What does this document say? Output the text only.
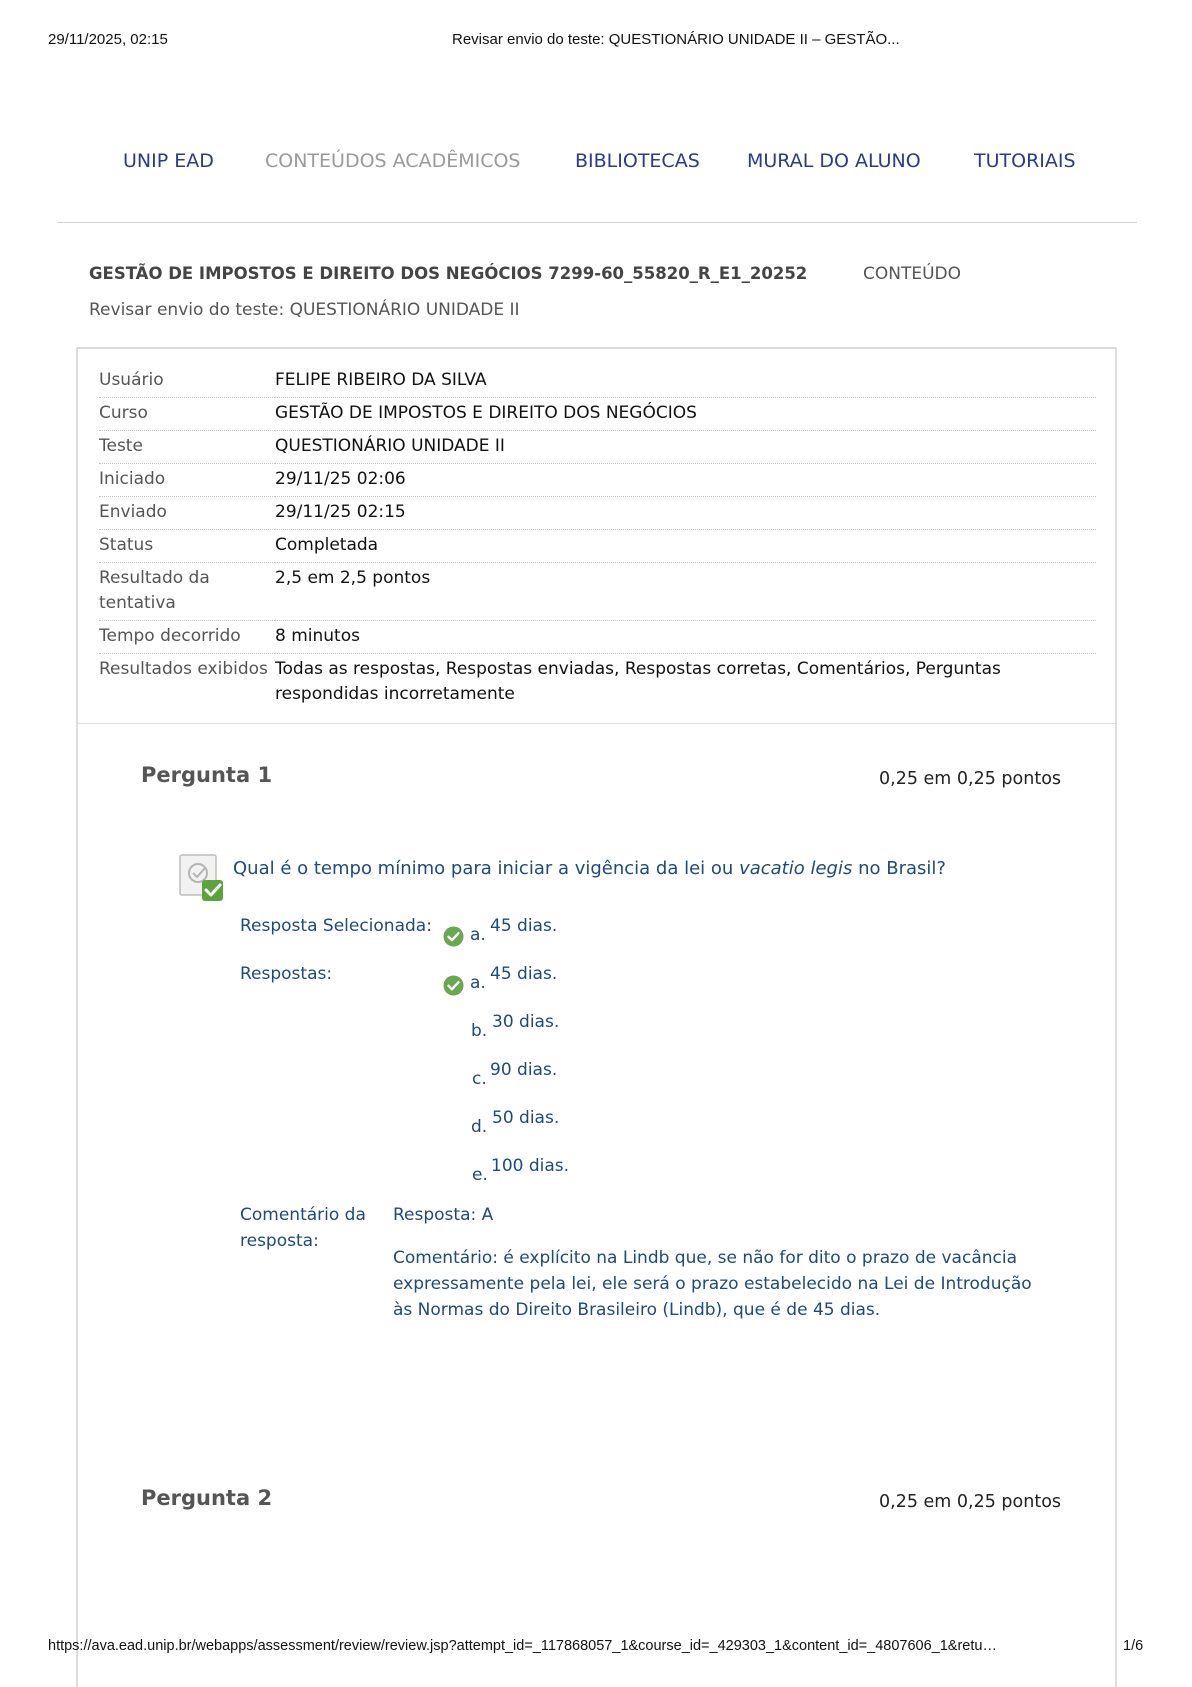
29/11/2025, 02:15	Revisar envio do teste: QUESTIONÁRIO UNIDADE II – GESTÃO...
UNIP EAD	CONTEÚDOS ACADÊMICOS	BIBLIOTECAS MURAL DO ALUNO	TUTORIAIS
GESTÃO DE IMPOSTOS E DIREITO DOS NEGÓCIOS 7299-60_55820_R_E1_20252	CONTEÚDO
Revisar envio do teste: QUESTIONÁRIO UNIDADE II
Usuário	FELIPE RIBEIRO DA SILVA
Curso	GESTÃO DE IMPOSTOS E DIREITO DOS NEGÓCIOS
Teste	QUESTIONÁRIO UNIDADE II
Iniciado	29/11/25 02:06
Enviado	29/11/25 02:15
Status	Completada
Resultado da tentativa	2,5 em 2,5 pontos
Tempo decorrido	8 minutos
Resultados exibidos	Todas as respostas, Respostas enviadas, Respostas corretas, Comentários, Perguntas respondidas incorretamente
Pergunta 1	0,25 em 0,25 pontos
Qual é o tempo mínimo para iniciar a vigência da lei ou vacatio legis no Brasil?
Resposta Selecionada: a. 45 dias.
Respostas:	a. 45 dias.
b. 30 dias.
c. 90 dias.
d. 50 dias.
e. 100 dias.
Comentário da resposta:
Resposta: A
Comentário: é explícito na Lindb que, se não for dito o prazo de vacância expressamente pela lei, ele será o prazo estabelecido na Lei de Introdução às Normas do Direito Brasileiro (Lindb), que é de 45 dias.
Pergunta 2	0,25 em 0,25 pontos
https://ava.ead.unip.br/webapps/assessment/review/review.jsp?attempt_id=_117868057_1&course_id=_429303_1&content_id=_4807606_1&retu…	1/6
